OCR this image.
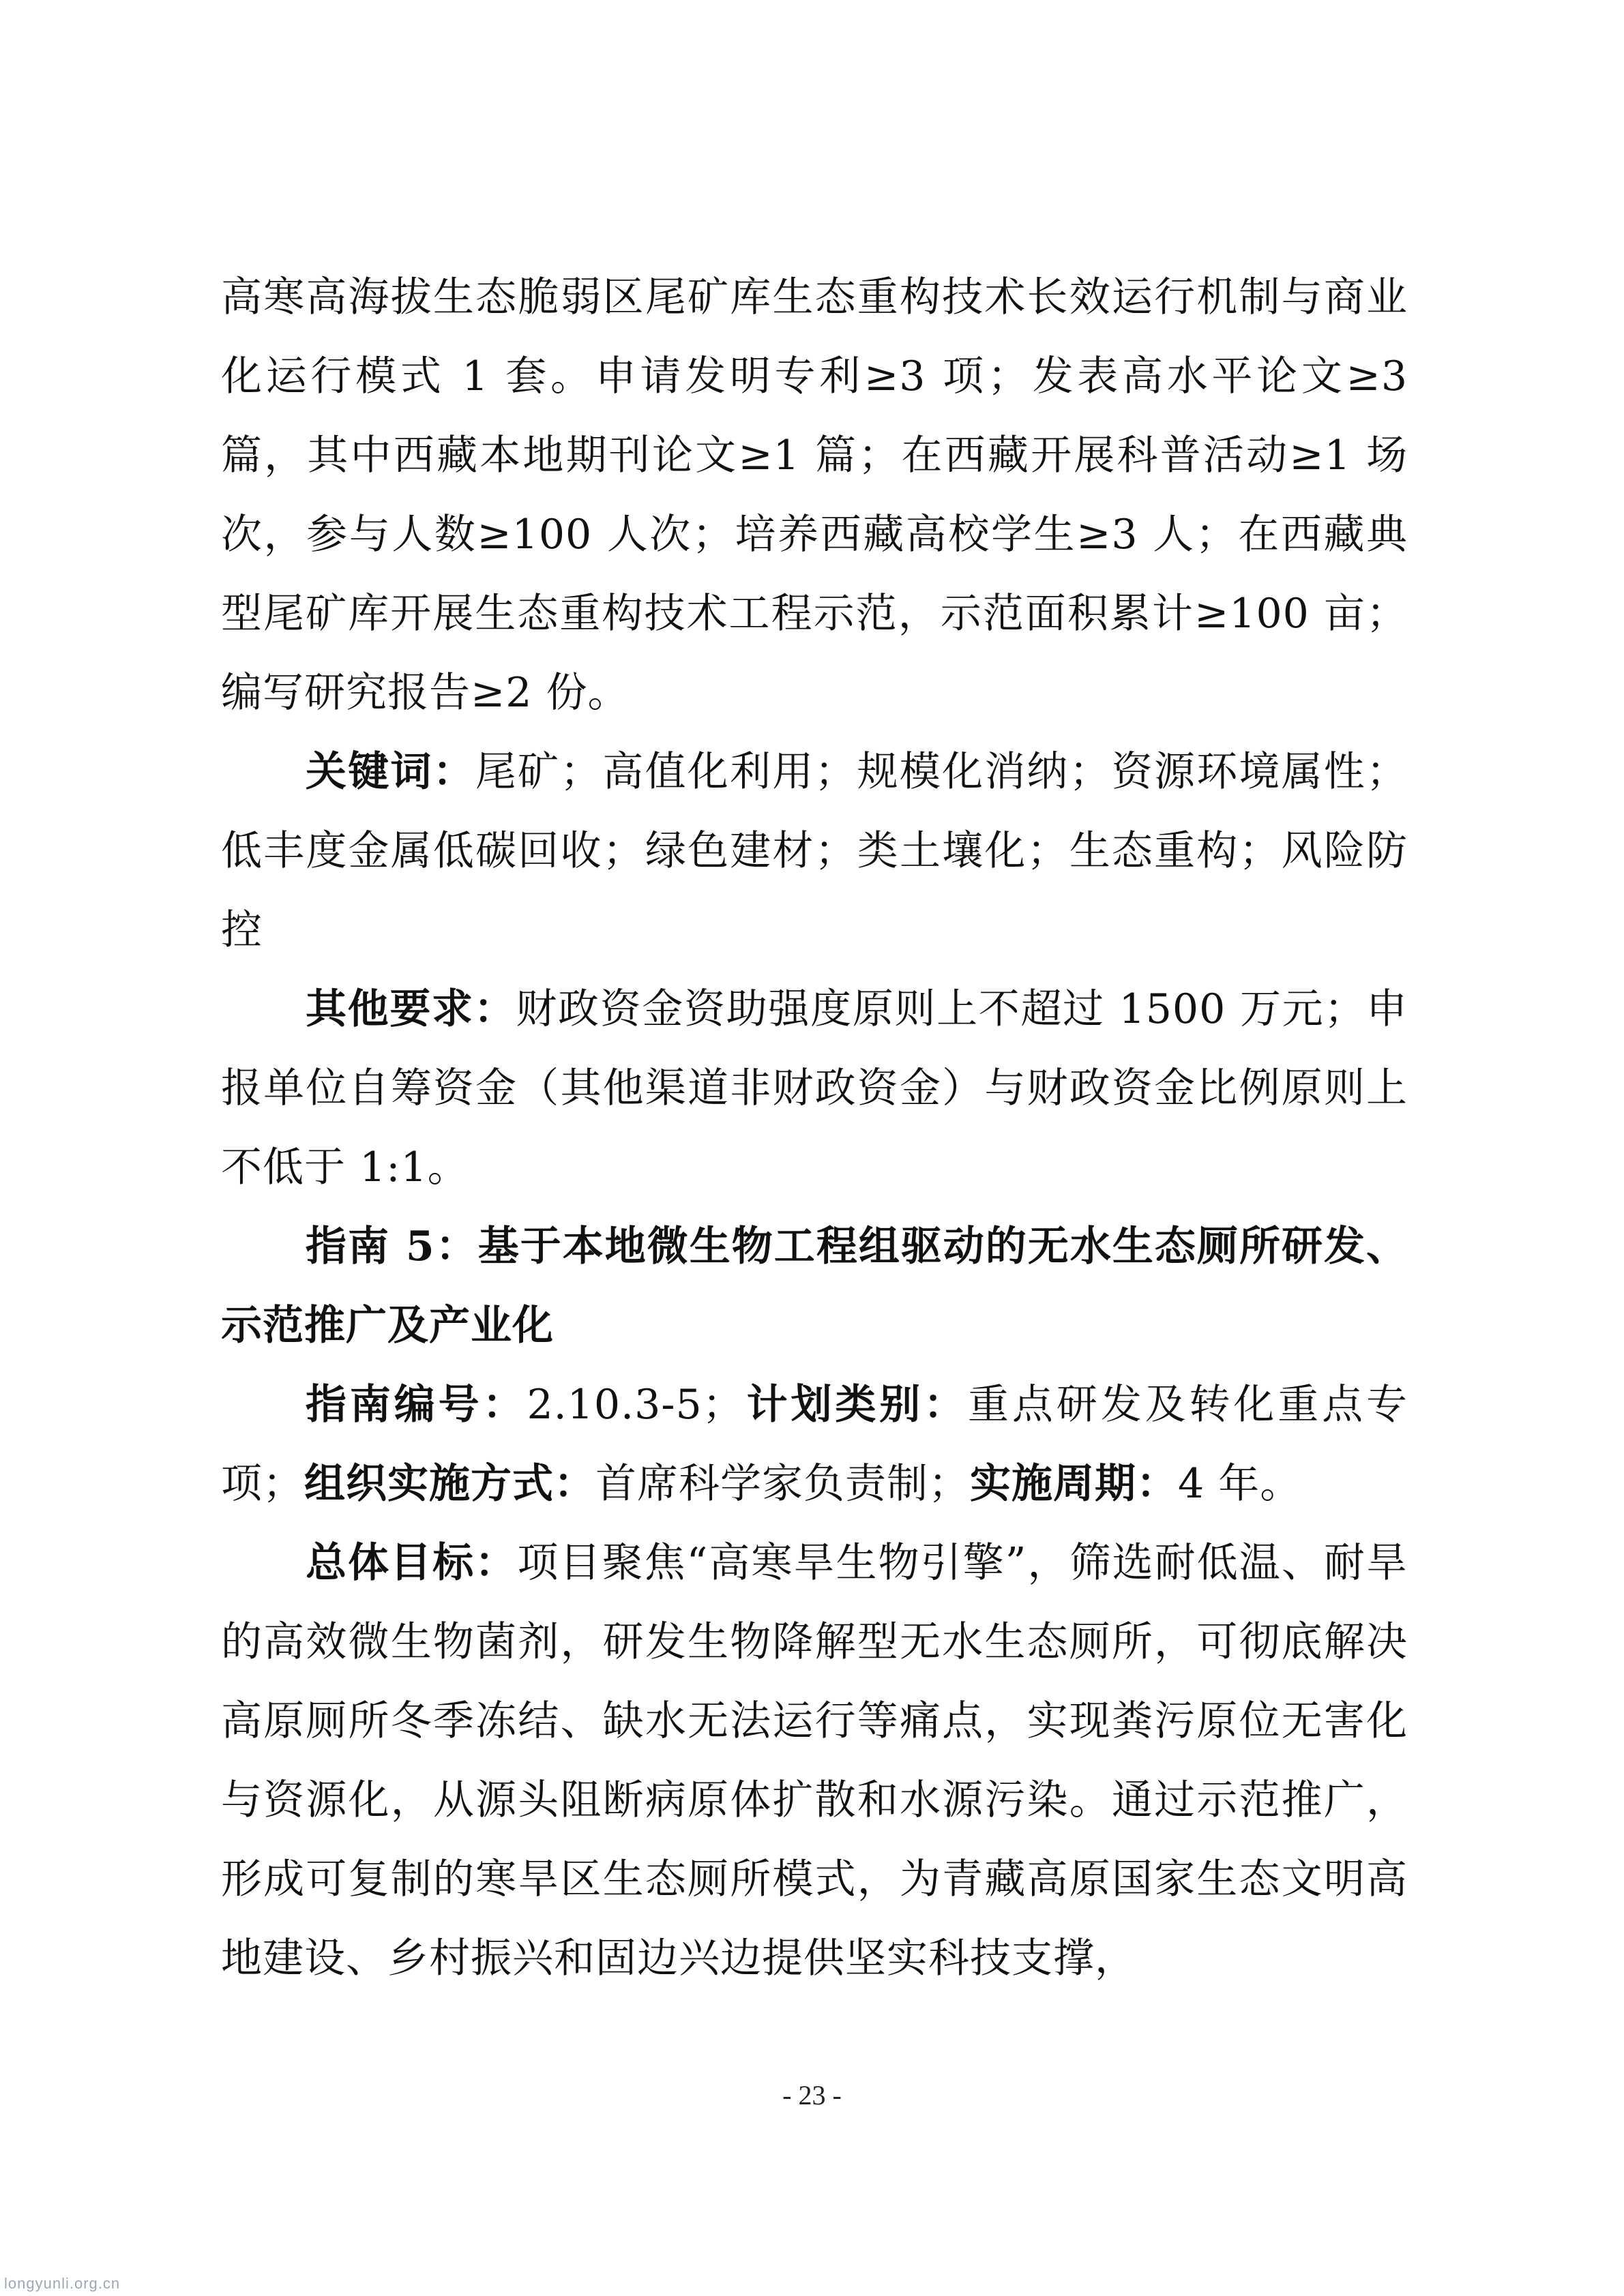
高寒高海拔生态脆弱区尾矿库生态重构技术长效运行机制与商业化运行模式 1 套。申请发明专利≥3 项；发表高水平论文≥3 篇，其中西藏本地期刊论文≥1 篇；在西藏开展科普活动≥1 场次，参与人数≥100 人次；培养西藏高校学生≥3 人；在西藏典型尾矿库开展生态重构技术工程示范，示范面积累计≥100 亩；编写研究报告≥2 份。

关键词：尾矿；高值化利用；规模化消纳；资源环境属性；低丰度金属低碳回收；绿色建材；类土壤化；生态重构；风险防控

其他要求：财政资金资助强度原则上不超过 1500 万元；申报单位自筹资金（其他渠道非财政资金）与财政资金比例原则上不低于 1:1。

指南 5：基于本地微生物工程组驱动的无水生态厕所研发、示范推广及产业化

指南编号：2.10.3-5；计划类别：重点研发及转化重点专项；组织实施方式：首席科学家负责制；实施周期：4 年。

总体目标：项目聚焦“高寒旱生物引擎”，筛选耐低温、耐旱的高效微生物菌剂，研发生物降解型无水生态厕所，可彻底解决高原厕所冬季冻结、缺水无法运行等痛点，实现粪污原位无害化与资源化，从源头阻断病原体扩散和水源污染。通过示范推广，形成可复制的寒旱区生态厕所模式，为青藏高原国家生态文明高地建设、乡村振兴和固边兴边提供坚实科技支撑，

- 23 -
longyunli.org.cn
